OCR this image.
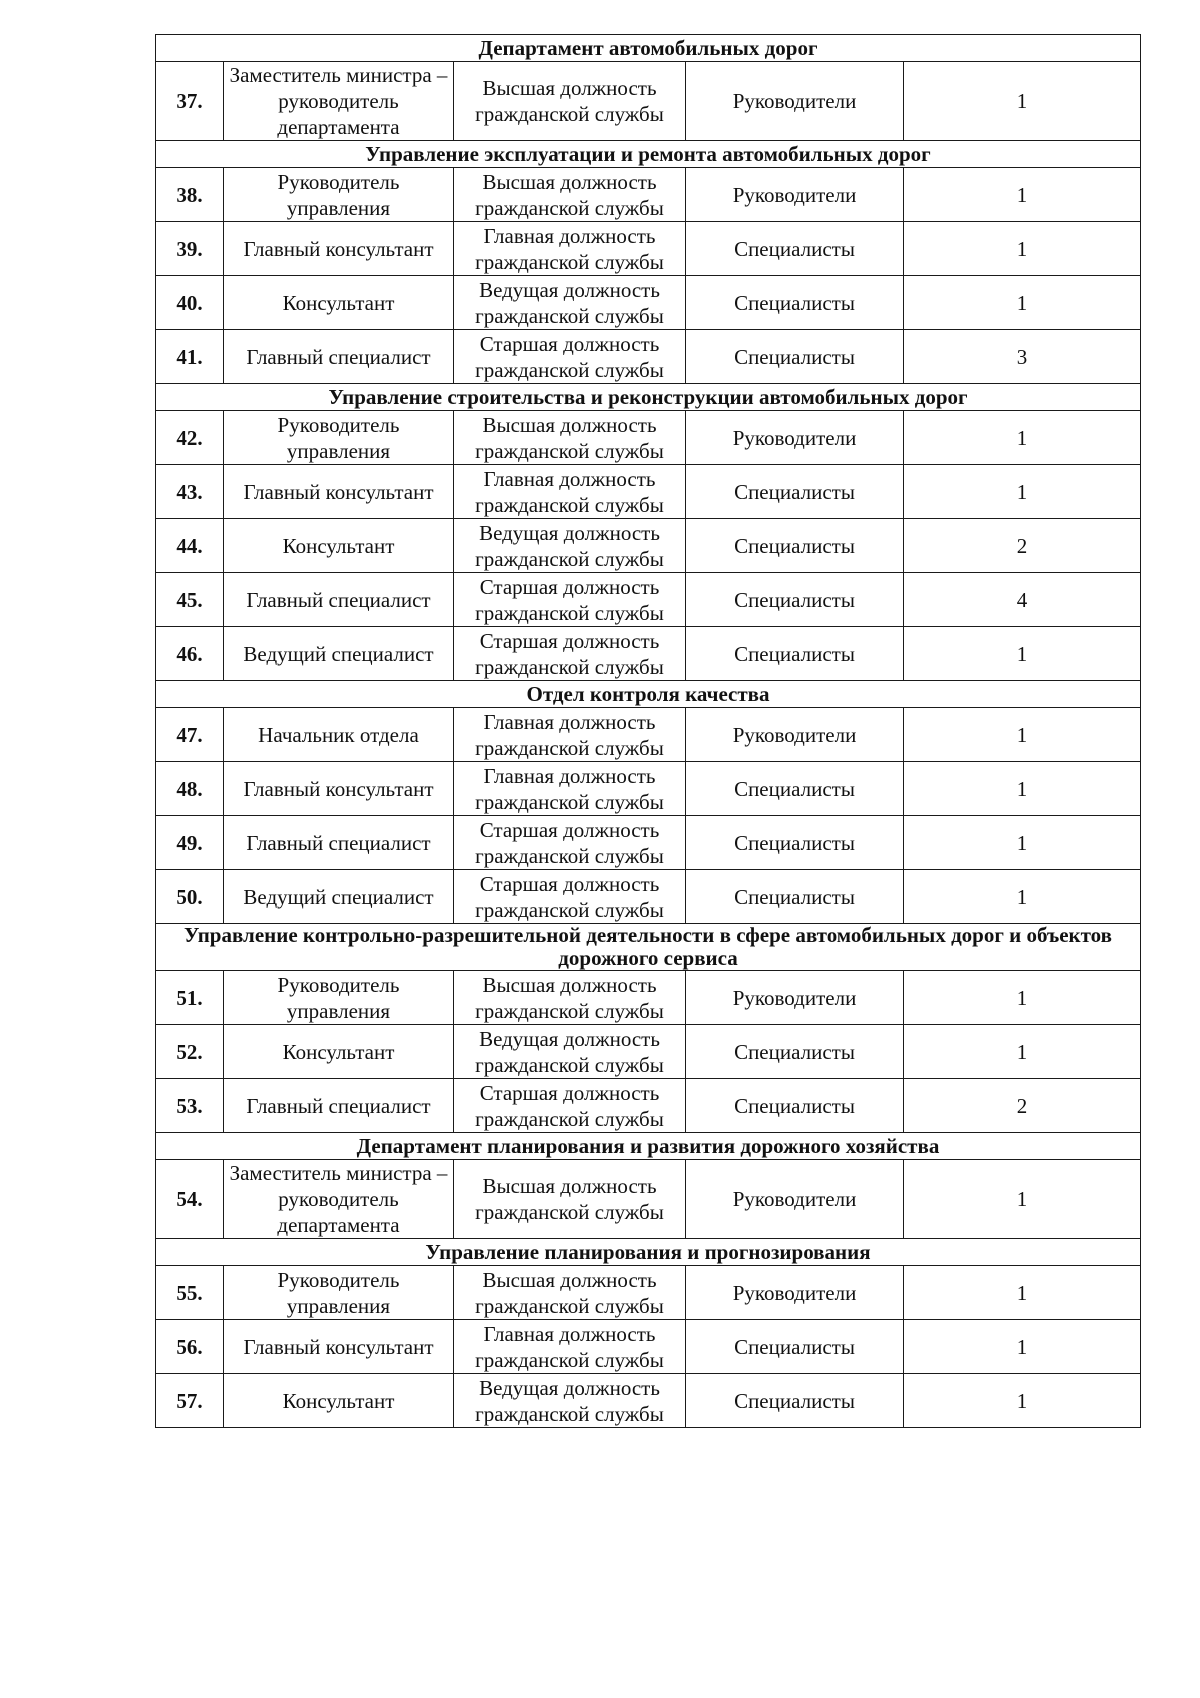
Департамент автомобильных дорог				
37.	Заместитель министра – руководитель департамента	Высшая должность гражданской службы	Руководители	1
Управление эксплуатации и ремонта автомобильных дорог				
38.	Руководитель управления	Высшая должность гражданской службы	Руководители	1
39.	Главный консультант	Главная должность гражданской службы	Специалисты	1
40.	Консультант	Ведущая должность гражданской службы	Специалисты	1
41.	Главный специалист	Старшая должность гражданской службы	Специалисты	3
Управление строительства и реконструкции автомобильных дорог				
42.	Руководитель управления	Высшая должность гражданской службы	Руководители	1
43.	Главный консультант	Главная должность гражданской службы	Специалисты	1
44.	Консультант	Ведущая должность гражданской службы	Специалисты	2
45.	Главный специалист	Старшая должность гражданской службы	Специалисты	4
46.	Ведущий специалист	Старшая должность гражданской службы	Специалисты	1
Отдел контроля качества				
47.	Начальник отдела	Главная должность гражданской службы	Руководители	1
48.	Главный консультант	Главная должность гражданской службы	Специалисты	1
49.	Главный специалист	Старшая должность гражданской службы	Специалисты	1
50.	Ведущий специалист	Старшая должность гражданской службы	Специалисты	1
Управление контрольно-разрешительной деятельности в сфере автомобильных дорог и объектов дорожного сервиса				
51.	Руководитель управления	Высшая должность гражданской службы	Руководители	1
52.	Консультант	Ведущая должность гражданской службы	Специалисты	1
53.	Главный специалист	Старшая должность гражданской службы	Специалисты	2
Департамент планирования и развития дорожного хозяйства				
54.	Заместитель министра – руководитель департамента	Высшая должность гражданской службы	Руководители	1
Управление планирования и прогнозирования				
55.	Руководитель управления	Высшая должность гражданской службы	Руководители	1
56.	Главный консультант	Главная должность гражданской службы	Специалисты	1
57.	Консультант	Ведущая должность гражданской службы	Специалисты	1
